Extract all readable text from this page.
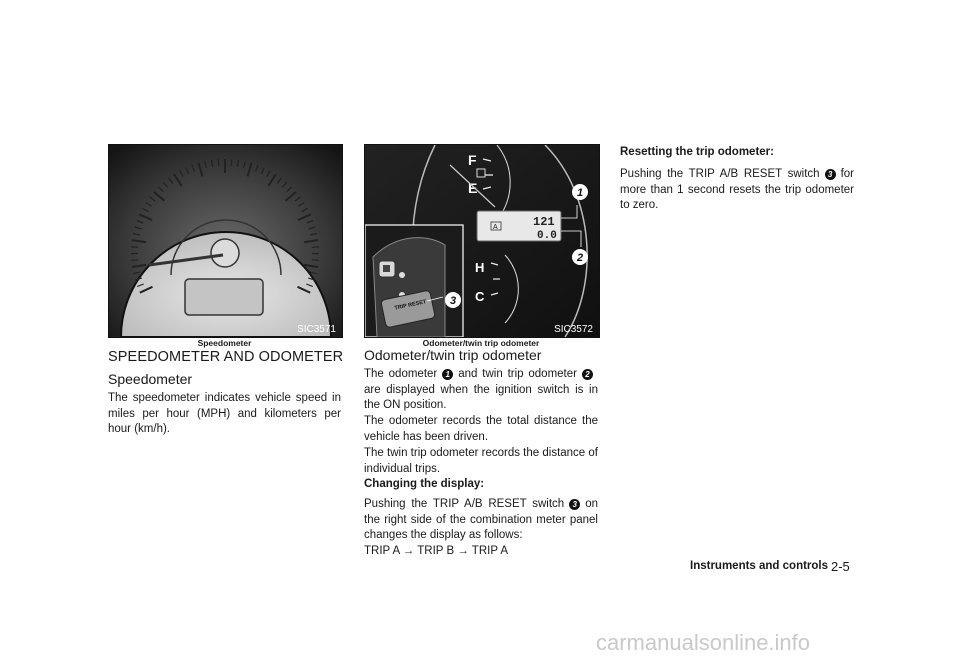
SIC3571
Speedometer
SPEEDOMETER AND ODOMETER
Speedometer
The speedometer indicates vehicle speed in miles per hour (MPH) and kilometers per hour (km/h).
F
E
A	121
0.0
1
2
H
C
TRIP RESET 3
SIC3572
Odometer/twin trip odometer
Odometer/twin trip odometer
The odometer 1 and twin trip odometer 2are displayed when the ignition switch is in the ON position.
The odometer records the total distance the vehicle has been driven.
The twin trip odometer records the distance of individual trips.
Changing the display:
Pushing the TRIP A/B RESET switch 3 on the right side of the combination meter panel changes the display as follows:
TRIP A → TRIP B → TRIP A
Resetting the trip odometer:
Pushing the TRIP A/B RESET switch 3 for more than 1 second resets the trip odometer to zero.
Instruments and controls 2-5
carmanualsonline.info
